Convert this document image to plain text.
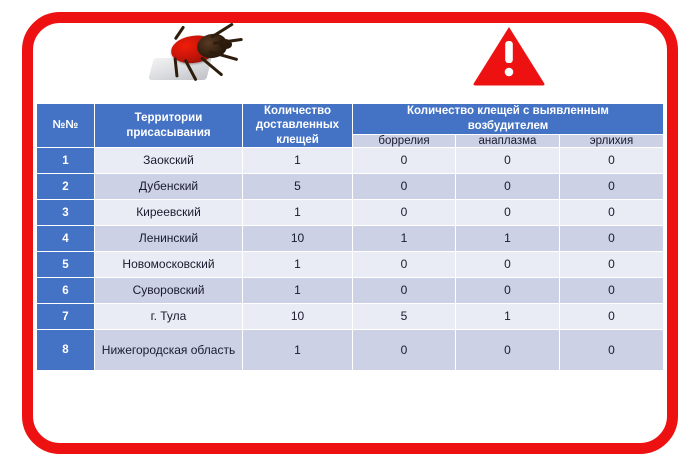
№№	
Территории
присасывания

Количество
доставленных
клещей

Количество клещей с выявленным
возбудителем

			боррелия	анаплазма	эрлихия
1	Заокский	1	0	0	0
2	Дубенский	5	0	0	0
3	Киреевский	1	0	0	0
4	Ленинский	10	1	1	0
5	Новомосковский	1	0	0	0
6	Суворовский	1	0	0	0
7	г. Тула	10	5	1	0
8	Нижегородская область	1	0	0	0
